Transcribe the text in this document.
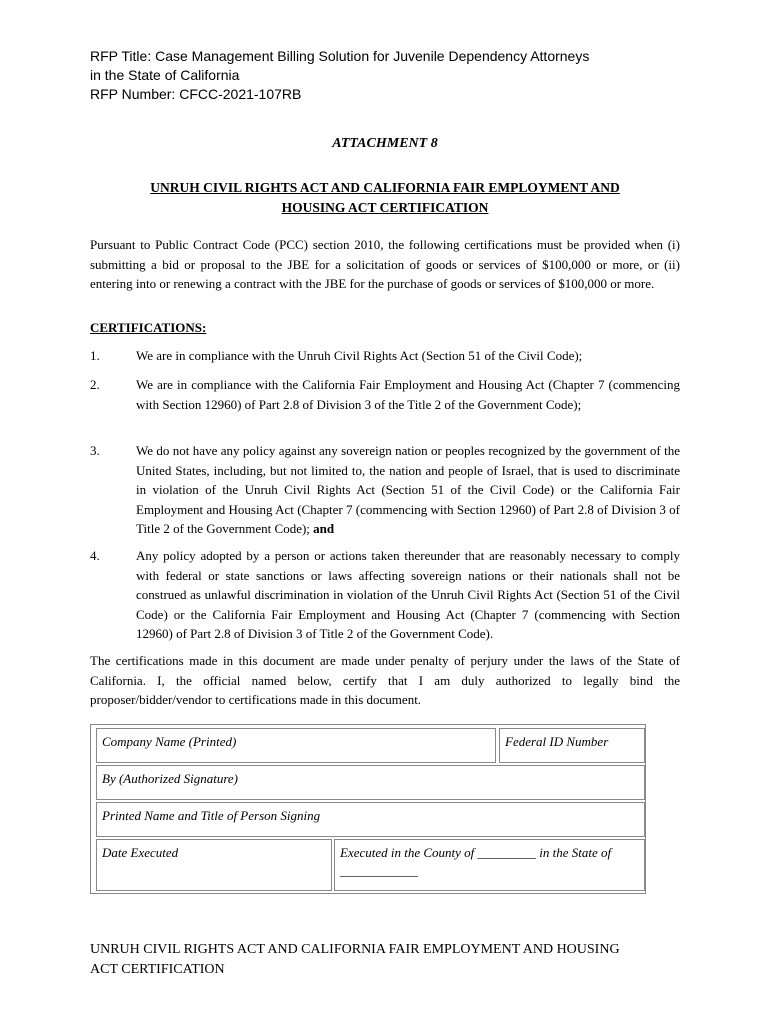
RFP Title: Case Management Billing Solution for Juvenile Dependency Attorneys
in the State of California
RFP Number: CFCC-2021-107RB
ATTACHMENT 8
UNRUH CIVIL RIGHTS ACT AND CALIFORNIA FAIR EMPLOYMENT AND
HOUSING ACT CERTIFICATION
Pursuant to Public Contract Code (PCC) section 2010, the following certifications must be provided when (i) submitting a bid or proposal to the JBE for a solicitation of goods or services of $100,000 or more, or (ii) entering into or renewing a contract with the JBE for the purchase of goods or services of $100,000 or more.
CERTIFICATIONS:
1.	We are in compliance with the Unruh Civil Rights Act (Section 51 of the Civil Code);
2.	We are in compliance with the California Fair Employment and Housing Act (Chapter 7 (commencing with Section 12960) of Part 2.8 of Division 3 of the Title 2 of the Government Code);
3.	We do not have any policy against any sovereign nation or peoples recognized by the government of the United States, including, but not limited to, the nation and people of Israel, that is used to discriminate in violation of the Unruh Civil Rights Act (Section 51 of the Civil Code) or the California Fair Employment and Housing Act (Chapter 7 (commencing with Section 12960) of Part 2.8 of Division 3 of Title 2 of the Government Code); and
4.	Any policy adopted by a person or actions taken thereunder that are reasonably necessary to comply with federal or state sanctions or laws affecting sovereign nations or their nationals shall not be construed as unlawful discrimination in violation of the Unruh Civil Rights Act (Section 51 of the Civil Code) or the California Fair Employment and Housing Act (Chapter 7 (commencing with Section 12960) of Part 2.8 of Division 3 of Title 2 of the Government Code).
The certifications made in this document are made under penalty of perjury under the laws of the State of California. I, the official named below, certify that I am duly authorized to legally bind the proposer/bidder/vendor to certifications made in this document.
Company Name (Printed)	Federal ID Number
By (Authorized Signature)
Printed Name and Title of Person Signing
Date Executed	Executed in the County of _________ in the State of ____________
UNRUH CIVIL RIGHTS ACT AND CALIFORNIA FAIR EMPLOYMENT AND HOUSING
ACT CERTIFICATION
